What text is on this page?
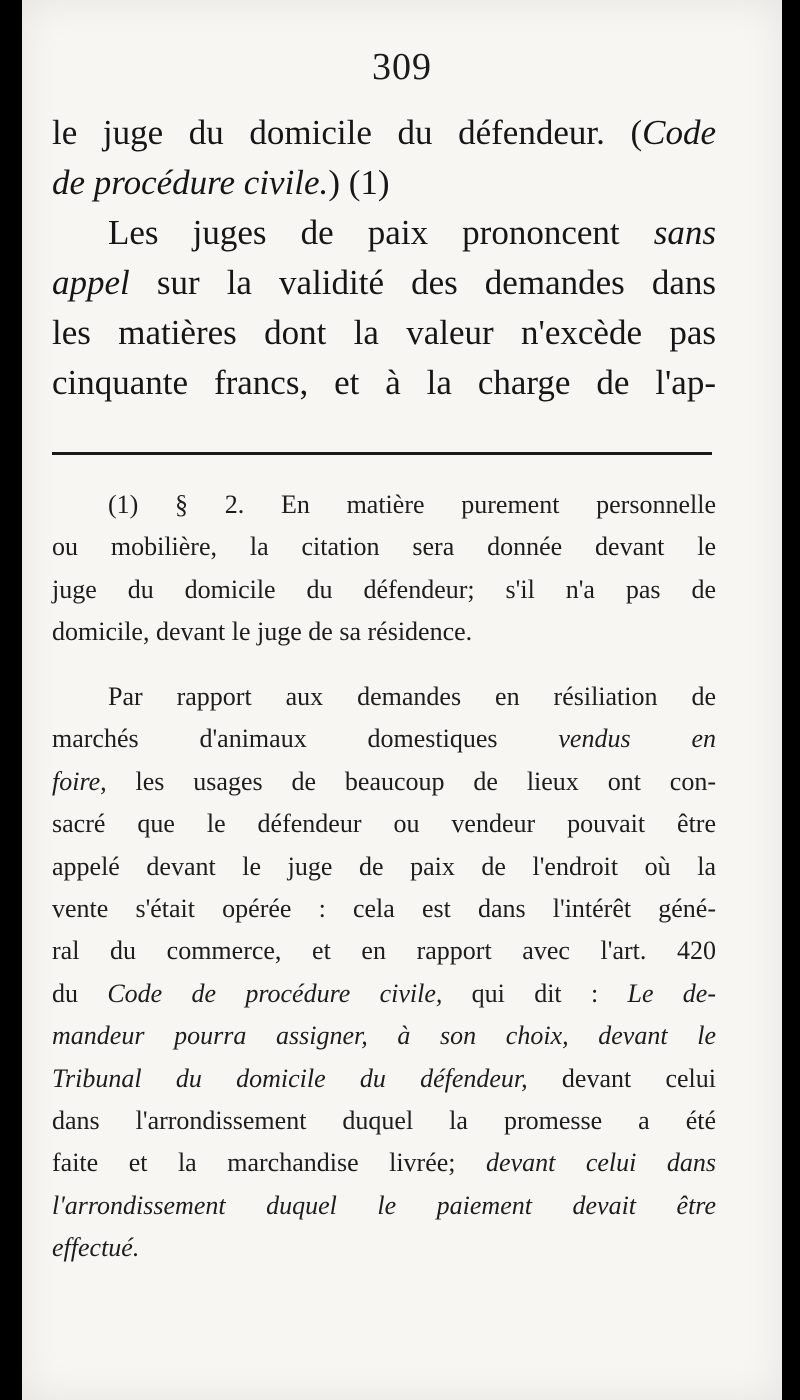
309
le juge du domicile du défendeur. (Code
de procédure civile.) (1)
Les juges de paix prononcent sans
appel sur la validité des demandes dans
les matières dont la valeur n'excède pas
cinquante francs, et à la charge de l'ap-
(1) § 2. En matière purement personnelle
ou mobilière, la citation sera donnée devant le
juge du domicile du défendeur; s'il n'a pas de
domicile, devant le juge de sa résidence.
Par rapport aux demandes en résiliation de
marchés d'animaux domestiques vendus en
foire, les usages de beaucoup de lieux ont con-
sacré que le défendeur ou vendeur pouvait être
appelé devant le juge de paix de l'endroit où la
vente s'était opérée : cela est dans l'intérêt géné-
ral du commerce, et en rapport avec l'art. 420
du Code de procédure civile, qui dit : Le de-
mandeur pourra assigner, à son choix, devant le
Tribunal du domicile du défendeur, devant celui
dans l'arrondissement duquel la promesse a été
faite et la marchandise livrée; devant celui dans
l'arrondissement duquel le paiement devait être
effectué.
